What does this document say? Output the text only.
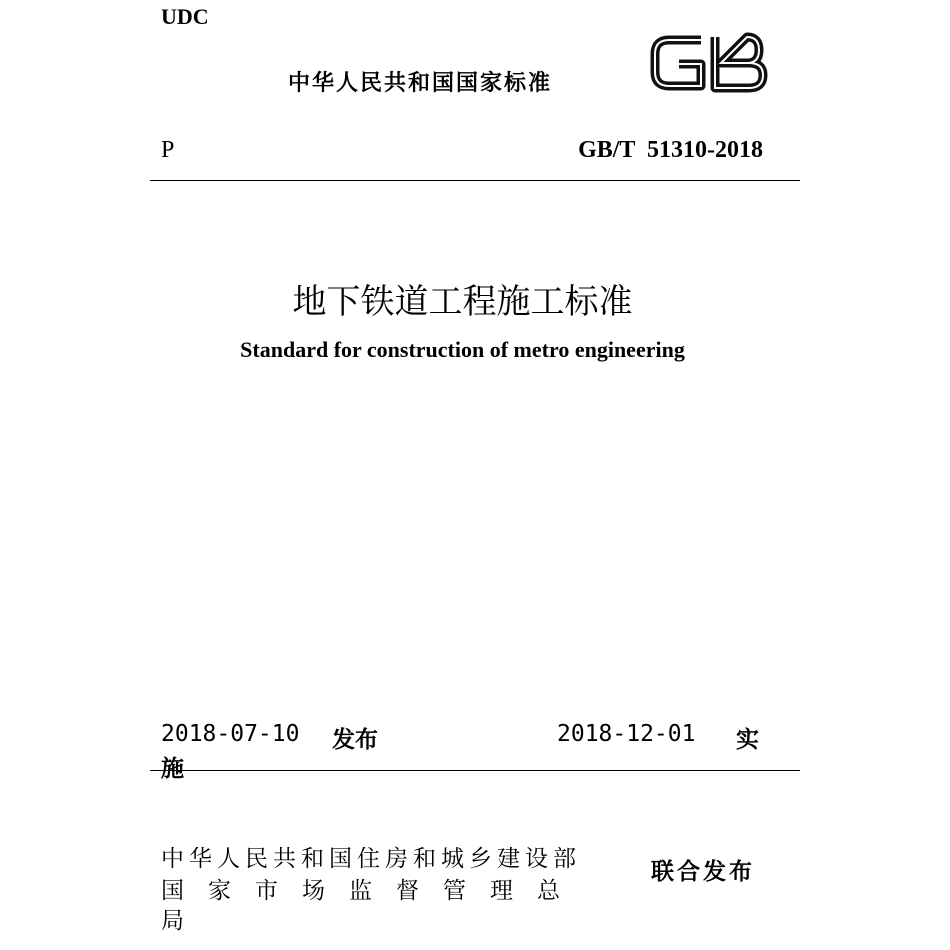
UDC
中华人民共和国国家标准
P	GB/T  51310-2018
地下铁道工程施工标准
Standard for construction of metro engineering
2018-07-10 发布	2018-12-01 实
施
中华人民共和国住房和城乡建设部
国家市场监督管理总
局
联合发布
